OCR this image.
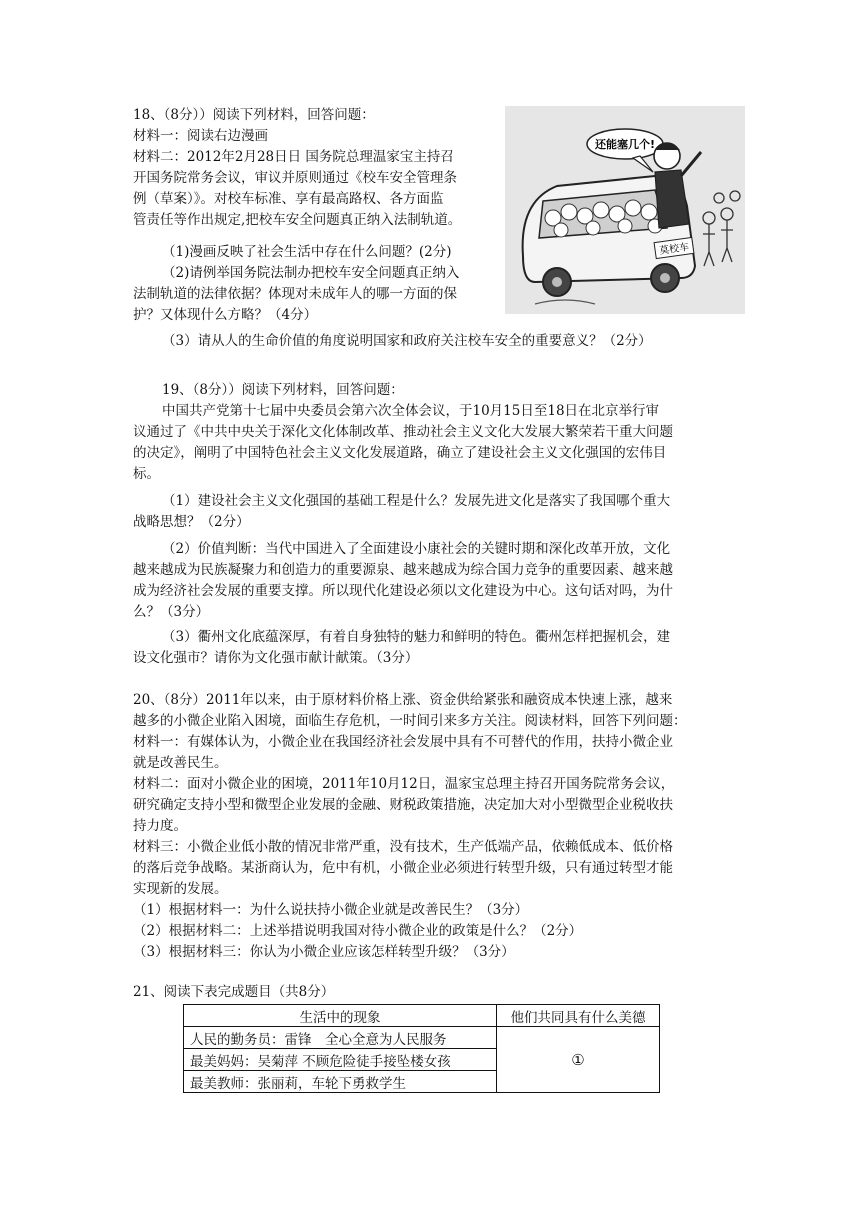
18、（8分））阅读下列材料，回答问题：

材料一：阅读右边漫画

材料二：2012年2月28日日 国务院总理温家宝主持召

开国务院常务会议，审议并原则通过《校车安全管理条

例（草案）》。对校车标准、享有最高路权、各方面监

管责任等作出规定,把校车安全问题真正纳入法制轨道。

（1)漫画反映了社会生活中存在什么问题？(2分)

（2)请例举国务院法制办把校车安全问题真正纳入

法制轨道的法律依据？体现对未成年人的哪一方面的保

护？又体现什么方略？（4分）

（3）请从人的生命价值的角度说明国家和政府关注校车安全的重要意义？（2分）

还能塞几个!
莫校车

19、（8分））阅读下列材料，回答问题：

中国共产党第十七届中央委员会第六次全体会议，于10月15日至18日在北京举行审

议通过了《中共中央关于深化文化体制改革、推动社会主义文化大发展大繁荣若干重大问题

的决定》，阐明了中国特色社会主义文化发展道路，确立了建设社会主义文化强国的宏伟目

标。

（1）建设社会主义文化强国的基础工程是什么？发展先进文化是落实了我国哪个重大

战略思想？（2分）

（2）价值判断：当代中国进入了全面建设小康社会的关键时期和深化改革开放，文化

越来越成为民族凝聚力和创造力的重要源泉、越来越成为综合国力竞争的重要因素、越来越

成为经济社会发展的重要支撑。所以现代化建设必须以文化建设为中心。这句话对吗，为什

么？（3分）

（3）衢州文化底蕴深厚，有着自身独特的魅力和鲜明的特色。衢州怎样把握机会，建

设文化强市？请你为文化强市献计献策。（3分）

20、（8分）2011年以来，由于原材料价格上涨、资金供给紧张和融资成本快速上涨，越来

越多的小微企业陷入困境，面临生存危机，一时间引来多方关注。阅读材料，回答下列问题：

材料一：有媒体认为，小微企业在我国经济社会发展中具有不可替代的作用，扶持小微企业

就是改善民生。

材料二：面对小微企业的困境，2011年10月12日，温家宝总理主持召开国务院常务会议，

研究确定支持小型和微型企业发展的金融、财税政策措施，决定加大对小型微型企业税收扶

持力度。

材料三：小微企业低小散的情况非常严重，没有技术，生产低端产品，依赖低成本、低价格

的落后竞争战略。某浙商认为，危中有机，小微企业必须进行转型升级，只有通过转型才能

实现新的发展。

（1）根据材料一：为什么说扶持小微企业就是改善民生？（3分）

（2）根据材料二：上述举措说明我国对待小微企业的政策是什么？（2分）

（3）根据材料三：你认为小微企业应该怎样转型升级？（3分）

21、阅读下表完成题目（共8分）

生活中的现象	他们共同具有什么美德
人民的勤务员：雷锋　全心全意为人民服务	①
最美妈妈：吴菊萍 不顾危险徒手接坠楼女孩	
最美教师：张丽莉，车轮下勇救学生	
